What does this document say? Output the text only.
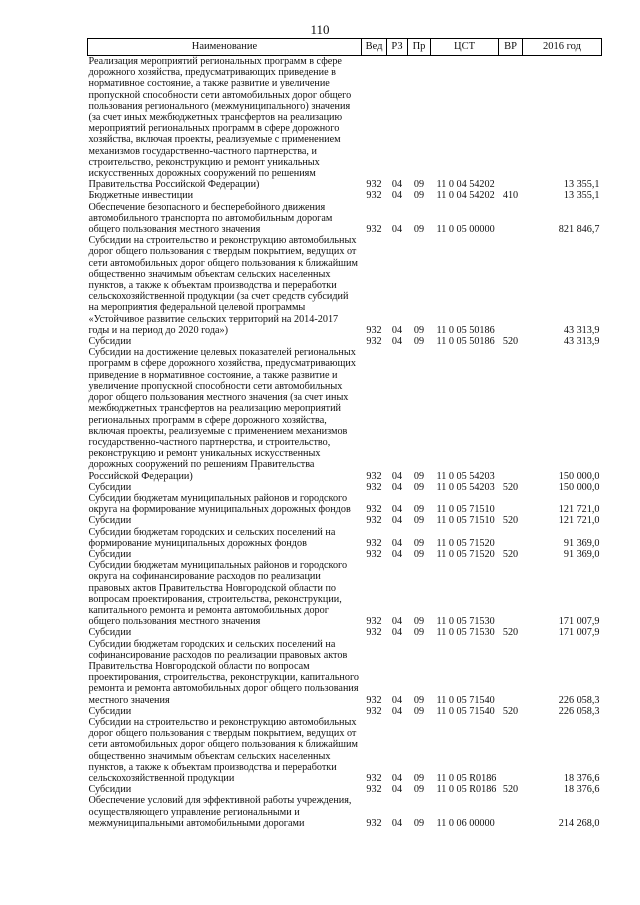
110
Наименование	Вед	РЗ	Пр	ЦСТ	ВР	2016 год
Реализация мероприятий региональных программ в сфере дорожного хозяйства, предусматривающих приведение в нормативное состояние, а также развитие и увеличение пропускной способности сети автомобильных дорог общего пользования регионального (межмуниципального) значения (за счет иных межбюджетных трансфертов на реализацию мероприятий региональных программ в сфере дорожного хозяйства, включая проекты, реализуемые с применением механизмов государственно-частного партнерства, и строительство, реконструкцию и ремонт уникальных искусственных дорожных сооружений по решениям Правительства Российской Федерации)	932	04	09	11 0 04 54202		13 355,1
Бюджетные инвестиции	932	04	09	11 0 04 54202	410	13 355,1
Обеспечение безопасного и бесперебойного движения автомобильного транспорта по автомобильным дорогам общего пользования местного значения	932	04	09	11 0 05 00000		821 846,7
Субсидии на строительство и реконструкцию автомобильных дорог общего пользования с твердым покрытием, ведущих от сети автомобильных дорог общего пользования к ближайшим общественно значимым объектам сельских населенных пунктов, а также к объектам производства и переработки сельскохозяйственной продукции (за счет средств субсидий на мероприятия федеральной целевой программы «Устойчивое развитие сельских территорий на 2014-2017 годы и на период до 2020 года»)	932	04	09	11 0 05 50186		43 313,9
Субсидии	932	04	09	11 0 05 50186	520	43 313,9
Субсидии на достижение целевых показателей региональных программ в сфере дорожного хозяйства, предусматривающих приведение в нормативное состояние, а также развитие и увеличение пропускной способности сети автомобильных дорог общего пользования местного значения (за счет иных межбюджетных трансфертов на реализацию мероприятий региональных программ в сфере дорожного хозяйства, включая проекты, реализуемые с применением механизмов государственно-частного партнерства, и строительство, реконструкцию и ремонт уникальных искусственных дорожных сооружений по решениям Правительства Российской Федерации)	932	04	09	11 0 05 54203		150 000,0
Субсидии	932	04	09	11 0 05 54203	520	150 000,0
Субсидии бюджетам муниципальных районов и городского округа на формирование муниципальных дорожных фондов	932	04	09	11 0 05 71510		121 721,0
Субсидии	932	04	09	11 0 05 71510	520	121 721,0
Субсидии бюджетам городских и сельских поселений на формирование муниципальных дорожных фондов	932	04	09	11 0 05 71520		91 369,0
Субсидии	932	04	09	11 0 05 71520	520	91 369,0
Субсидии бюджетам муниципальных районов и городского округа на софинансирование расходов по реализации правовых актов Правительства Новгородской области по вопросам проектирования, строительства, реконструкции, капитального ремонта и ремонта автомобильных дорог общего пользования местного значения	932	04	09	11 0 05 71530		171 007,9
Субсидии	932	04	09	11 0 05 71530	520	171 007,9
Субсидии бюджетам городских и сельских поселений на софинансирование расходов по реализации правовых актов Правительства Новгородской области по вопросам проектирования, строительства, реконструкции, капитального ремонта и ремонта автомобильных дорог общего пользования местного значения	932	04	09	11 0 05 71540		226 058,3
Субсидии	932	04	09	11 0 05 71540	520	226 058,3
Субсидии на строительство и реконструкцию автомобильных дорог общего пользования с твердым покрытием, ведущих от сети автомобильных дорог общего пользования к ближайшим общественно значимым объектам сельских населенных пунктов, а также к объектам производства и переработки сельскохозяйственной продукции	932	04	09	11 0 05 R0186		18 376,6
Субсидии	932	04	09	11 0 05 R0186	520	18 376,6
Обеспечение условий для эффективной работы учреждения, осуществляющего управление региональными и межмуниципальными автомобильными дорогами	932	04	09	11 0 06 00000		214 268,0
